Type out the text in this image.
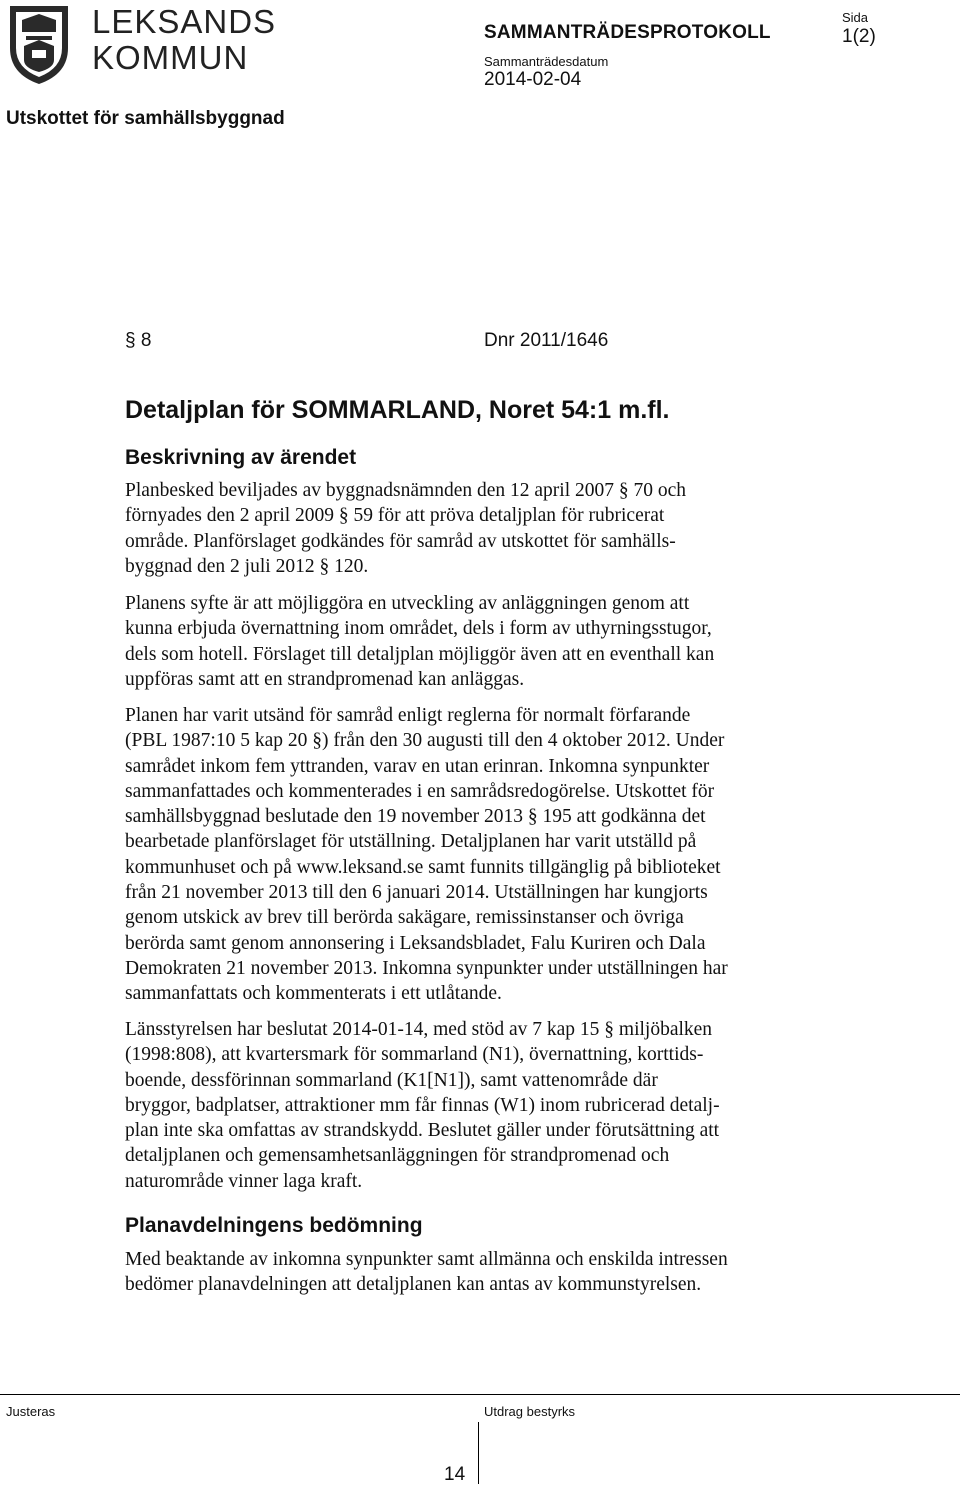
LEKSANDS
KOMMUN
SAMMANTRÄDESPROTOKOLL
Sammanträdesdatum
2014-02-04
Sida
1(2)
Utskottet för samhällsbyggnad
§ 8	Dnr 2011/1646
Detaljplan för SOMMARLAND, Noret 54:1 m.fl.
Beskrivning av ärendet
Planbesked beviljades av byggnadsnämnden den 12 april 2007 § 70 och
förnyades den 2 april 2009 § 59 för att pröva detaljplan för rubricerat
område. Planförslaget godkändes för samråd av utskottet för samhälls-
byggnad den 2 juli 2012 § 120.
Planens syfte är att möjliggöra en utveckling av anläggningen genom att
kunna erbjuda övernattning inom området, dels i form av uthyrningsstugor,
dels som hotell. Förslaget till detaljplan möjliggör även att en eventhall kan
uppföras samt att en strandpromenad kan anläggas.
Planen har varit utsänd för samråd enligt reglerna för normalt förfarande
(PBL 1987:10 5 kap 20 §) från den 30 augusti till den 4 oktober 2012. Under
samrådet inkom fem yttranden, varav en utan erinran. Inkomna synpunkter
sammanfattades och kommenterades i en samrådsredogörelse. Utskottet för
samhällsbyggnad beslutade den 19 november 2013 § 195 att godkänna det
bearbetade planförslaget för utställning. Detaljplanen har varit utställd på
kommunhuset och på www.leksand.se samt funnits tillgänglig på biblioteket
från 21 november 2013 till den 6 januari 2014. Utställningen har kungjorts
genom utskick av brev till berörda sakägare, remissinstanser och övriga
berörda samt genom annonsering i Leksandsbladet, Falu Kuriren och Dala
Demokraten 21 november 2013. Inkomna synpunkter under utställningen har
sammanfattats och kommenterats i ett utlåtande.
Länsstyrelsen har beslutat 2014-01-14, med stöd av 7 kap 15 § miljöbalken
(1998:808), att kvartersmark för sommarland (N1), övernattning, korttids-
boende, dessförinnan sommarland (K1[N1]), samt vattenområde där
bryggor, badplatser, attraktioner mm får finnas (W1) inom rubricerad detalj-
plan inte ska omfattas av strandskydd. Beslutet gäller under förutsättning att
detaljplanen och gemensamhetsanläggningen för strandpromenad och
naturområde vinner laga kraft.
Planavdelningens bedömning
Med beaktande av inkomna synpunkter samt allmänna och enskilda intressen
bedömer planavdelningen att detaljplanen kan antas av kommunstyrelsen.
Justeras	Utdrag bestyrks
14
